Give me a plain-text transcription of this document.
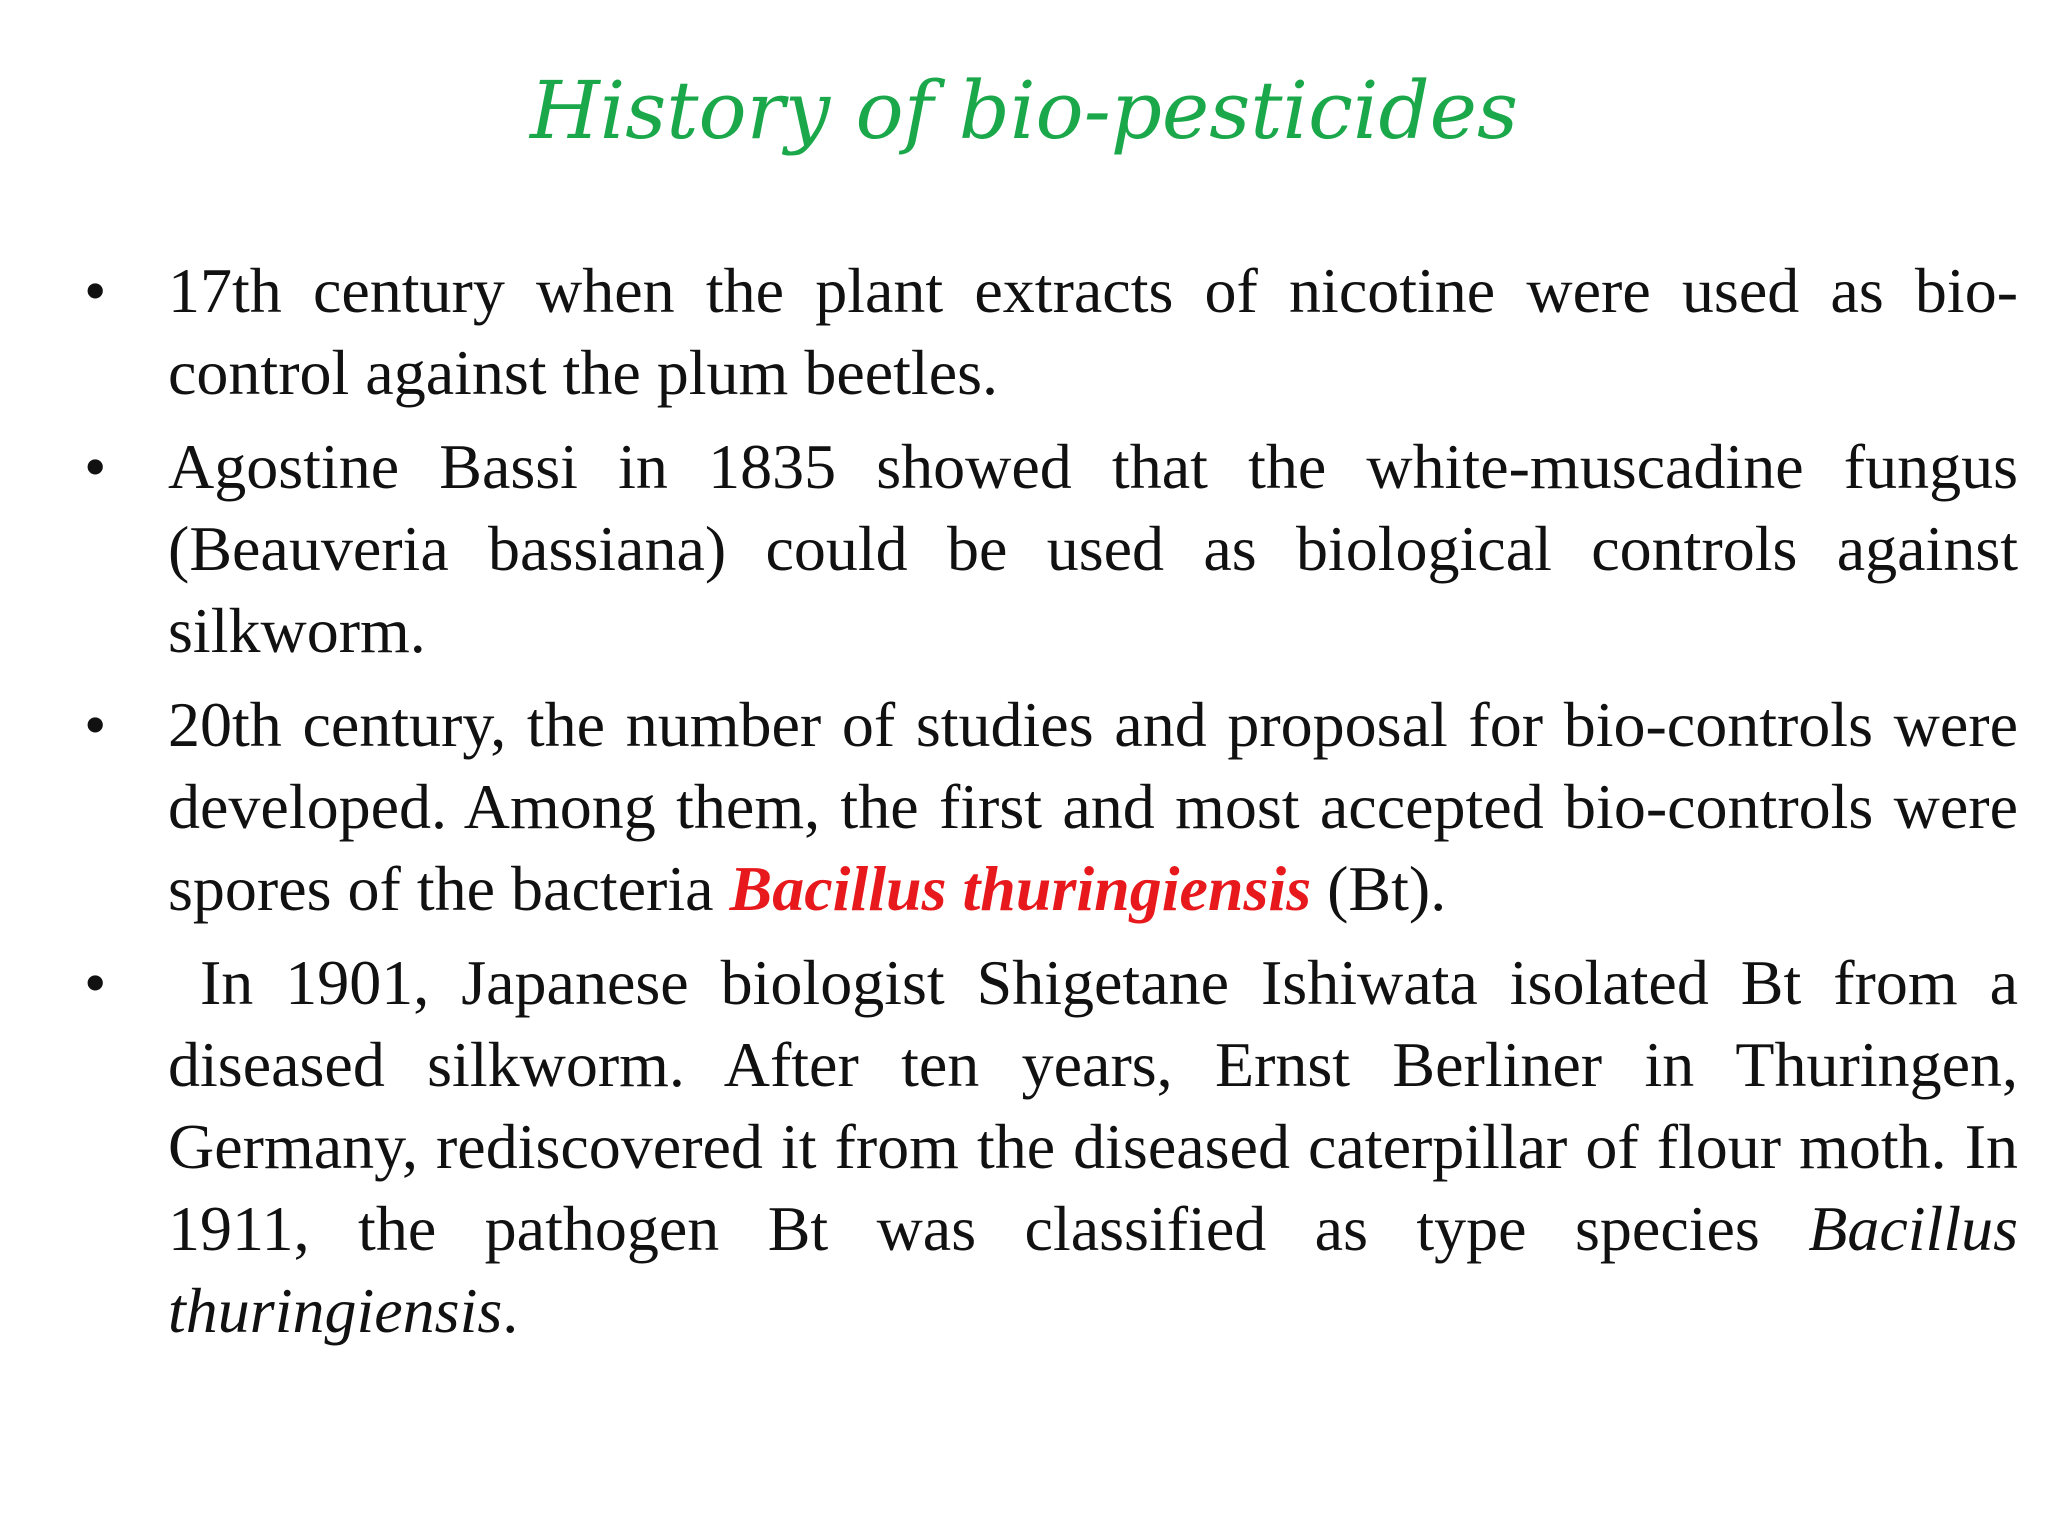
History of bio-pesticides
• 17th century when the plant extracts of nicotine were used as bio-control against the plum beetles.
• Agostine Bassi in 1835 showed that the white-muscadine fungus (Beauveria bassiana) could be used as biological controls against silkworm.
• 20th century, the number of studies and proposal for bio-controls were developed. Among them, the first and most accepted bio-controls were spores of the bacteria Bacillus thuringiensis (Bt).
• In 1901, Japanese biologist Shigetane Ishiwata isolated Bt from a diseased silkworm. After ten years, Ernst Berliner in Thuringen, Germany, rediscovered it from the diseased caterpillar of flour moth. In 1911, the pathogen Bt was classified as type species Bacillus thuringiensis.
